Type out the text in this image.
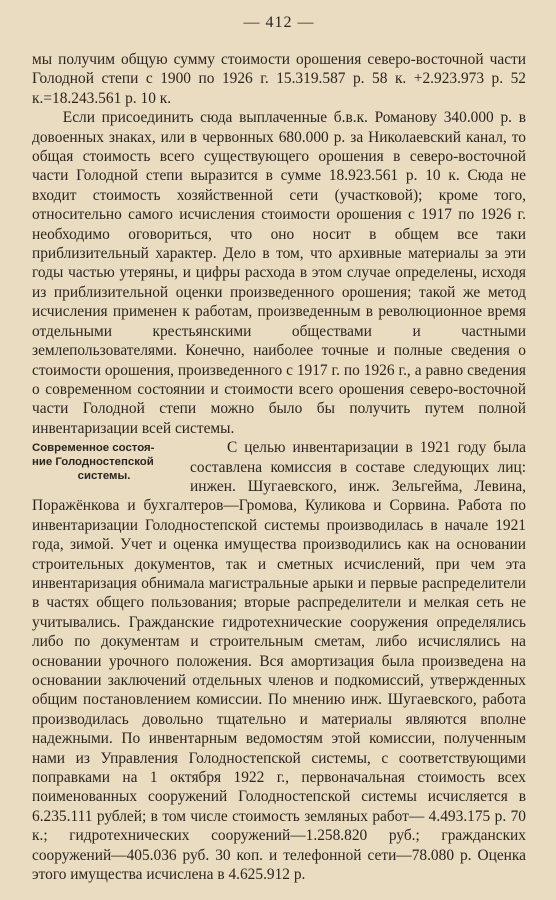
— 412 —

мы получим общую сумму стоимости орошения северо-восточной части Голодной степи с 1900 по 1926 г. 15.319.587 р. 58 к. +2.923.973 р. 52 к.=18.243.561 р. 10 к.

Если присоединить сюда выплаченные б.в.к. Романову 340.000 р. в довоенных знаках, или в червонных 680.000 р. за Николаевский канал, то общая стоимость всего существующего орошения в северо-восточной части Голодной степи выразится в сумме 18.923.561 р. 10 к. Сюда не входит стоимость хозяйственной сети (участковой); кроме того, относительно самого исчисления стоимости орошения с 1917 по 1926 г. необходимо оговориться, что оно носит в общем все таки приблизительный характер. Дело в том, что архивные материалы за эти годы частью утеряны, и цифры расхода в этом случае определены, исходя из приблизительной оценки произведенного орошения; такой же метод исчисления применен к работам, произведенным в революционное время отдельными крестьянскими обществами и частными землепользователями. Конечно, наиболее точные и полные сведения о стоимости орошения, произведенного с 1917 г. по 1926 г., а равно сведения о современном состоянии и стоимости всего орошения северо-восточной части Голодной степи можно было бы получить путем полной инвентаризации всей системы.

Современное состоя-
ние Голодностепской
системы.

С целью инвентаризации в 1921 году была составлена комиссия в составе следующих лиц: инжен. Шугаевского, инж. Зельгейма, Левина, Поражёнкова и бухгалтеров—Громова, Куликова и Сорвина. Работа по инвентаризации Голодностепской системы производилась в начале 1921 года, зимой. Учет и оценка имущества производились как на основании строительных документов, так и сметных исчислений, при чем эта инвентаризация обнимала магистральные арыки и первые распределители в частях общего пользования; вторые распределители и мелкая сеть не учитывались. Гражданские гидротехнические сооружения определялись либо по документам и строительным сметам, либо исчислялись на основании урочного положения. Вся амортизация была произведена на основании заключений отдельных членов и подкомиссий, утвержденных общим постановлением комиссии. По мнению инж. Шугаевского, работа производилась довольно тщательно и материалы являются вполне надежными. По инвентарным ведомостям этой комиссии, полученным нами из Управления Голодностепской системы, с соответствующими поправками на 1 октября 1922 г., первоначальная стоимость всех поименованных сооружений Голодностепской системы исчисляется в 6.235.111 рублей; в том числе стоимость земляных работ— 4.493.175 р. 70 к.; гидротехнических сооружений—1.258.820 руб.; гражданских сооружений—405.036 руб. 30 коп. и телефонной сети—78.080 р. Оценка этого имущества исчислена в 4.625.912 р.
